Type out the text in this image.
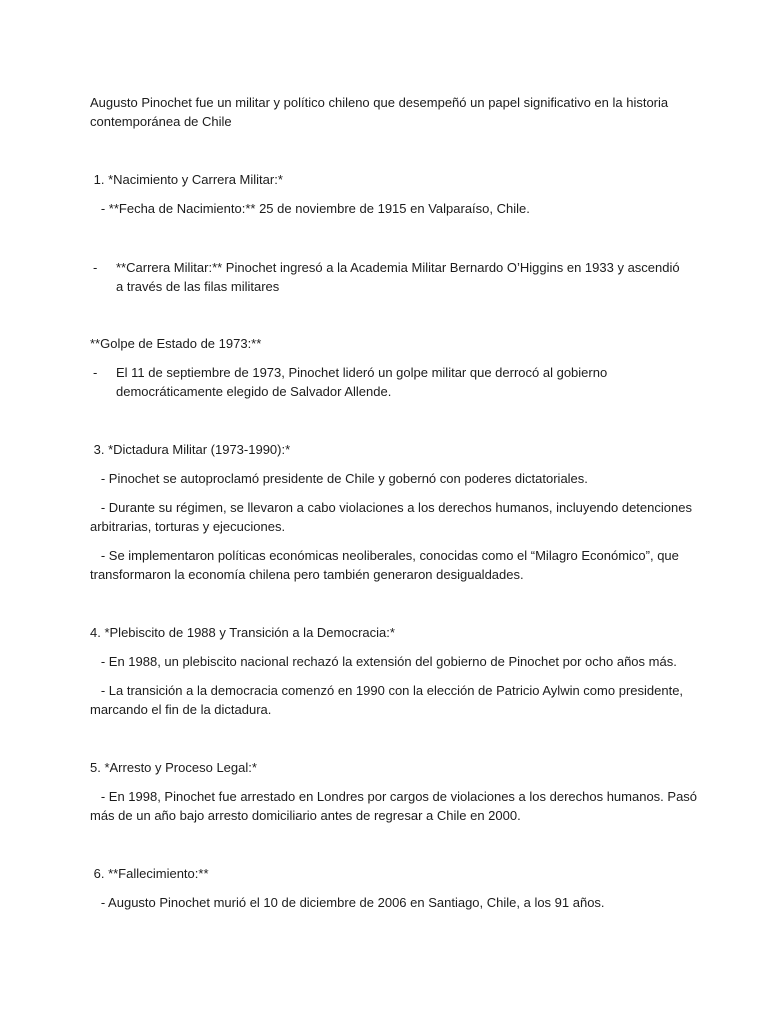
Augusto Pinochet fue un militar y político chileno que desempeñó un papel significativo en la historia
contemporánea de Chile
1. *Nacimiento y Carrera Militar:*
- **Fecha de Nacimiento:** 25 de noviembre de 1915 en Valparaíso, Chile.
- **Carrera Militar:** Pinochet ingresó a la Academia Militar Bernardo O’Higgins en 1933 y ascendió
a través de las filas militares
**Golpe de Estado de 1973:**
- El 11 de septiembre de 1973, Pinochet lideró un golpe militar que derrocó al gobierno
democráticamente elegido de Salvador Allende.
3. *Dictadura Militar (1973-1990):*
- Pinochet se autoproclamó presidente de Chile y gobernó con poderes dictatoriales.
- Durante su régimen, se llevaron a cabo violaciones a los derechos humanos, incluyendo detenciones
arbitrarias, torturas y ejecuciones.
- Se implementaron políticas económicas neoliberales, conocidas como el “Milagro Económico”, que
transformaron la economía chilena pero también generaron desigualdades.
4. *Plebiscito de 1988 y Transición a la Democracia:*
- En 1988, un plebiscito nacional rechazó la extensión del gobierno de Pinochet por ocho años más.
- La transición a la democracia comenzó en 1990 con la elección de Patricio Aylwin como presidente,
marcando el fin de la dictadura.
5. *Arresto y Proceso Legal:*
- En 1998, Pinochet fue arrestado en Londres por cargos de violaciones a los derechos humanos. Pasó
más de un año bajo arresto domiciliario antes de regresar a Chile en 2000.
6. **Fallecimiento:**
- Augusto Pinochet murió el 10 de diciembre de 2006 en Santiago, Chile, a los 91 años.
